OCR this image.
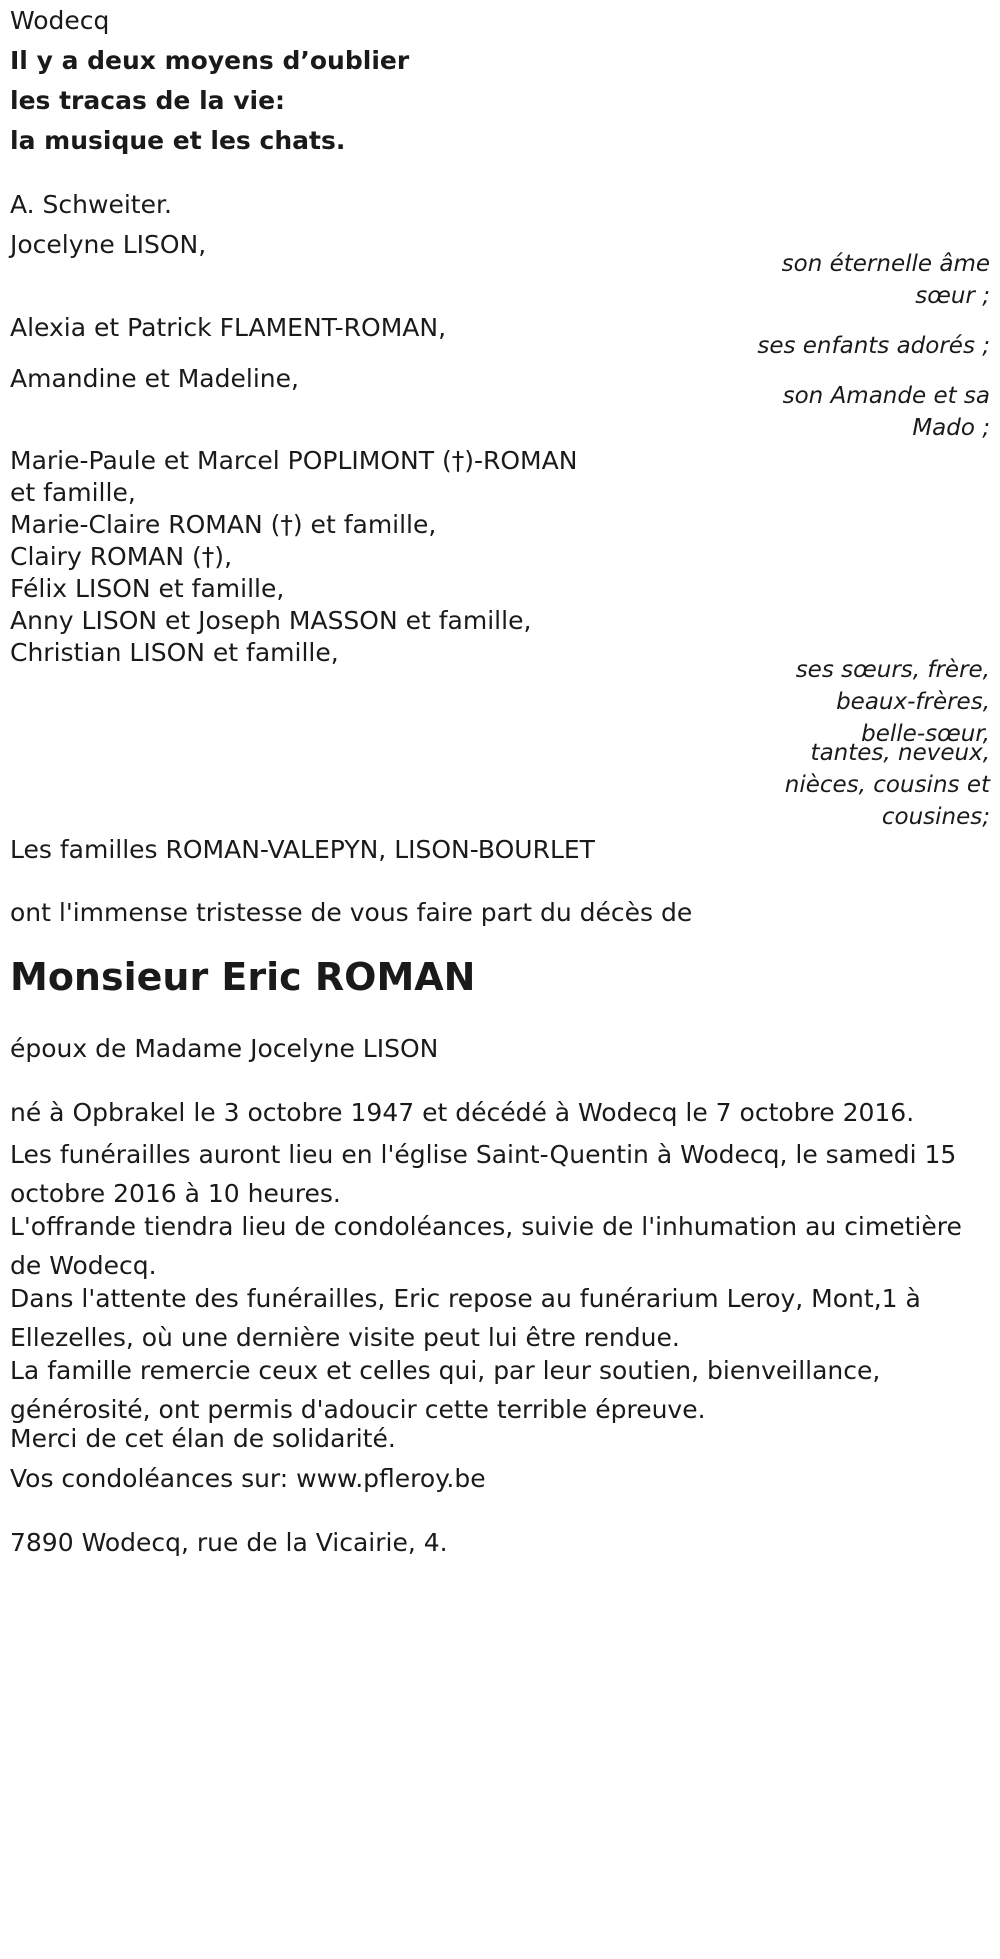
Wodecq
Il y a deux moyens d’oublier
les tracas de la vie:
la musique et les chats.
A. Schweiter.
Jocelyne LISON,
son éternelle âme
sœur ;
Alexia et Patrick FLAMENT-ROMAN,
ses enfants adorés ;
Amandine et Madeline,
son Amande et sa
Mado ;
Marie-Paule et Marcel POPLIMONT (†)-ROMAN
et famille,
Marie-Claire ROMAN (†) et famille,
Clairy ROMAN (†),
Félix LISON et famille,
Anny LISON et Joseph MASSON et famille,
Christian LISON et famille,
ses sœurs, frère,
beaux-frères,
belle-sœur,
tantes, neveux,
nièces, cousins et
cousines;
Les familles ROMAN-VALEPYN, LISON-BOURLET
ont l'immense tristesse de vous faire part du décès de
Monsieur Eric ROMAN
époux de Madame Jocelyne LISON
né à Opbrakel le 3 octobre 1947 et décédé à Wodecq le 7 octobre 2016.
Les funérailles auront lieu en l'église Saint-Quentin à Wodecq, le samedi 15 octobre 2016 à 10 heures.
L'offrande tiendra lieu de condoléances, suivie de l'inhumation au cimetière de Wodecq.
Dans l'attente des funérailles, Eric repose au funérarium Leroy, Mont,1 à Ellezelles, où une dernière visite peut lui être rendue.
La famille remercie ceux et celles qui, par leur soutien, bienveillance, générosité, ont permis d'adoucir cette terrible épreuve.
Merci de cet élan de solidarité.
Vos condoléances sur: www.pfleroy.be
7890 Wodecq, rue de la Vicairie, 4.
